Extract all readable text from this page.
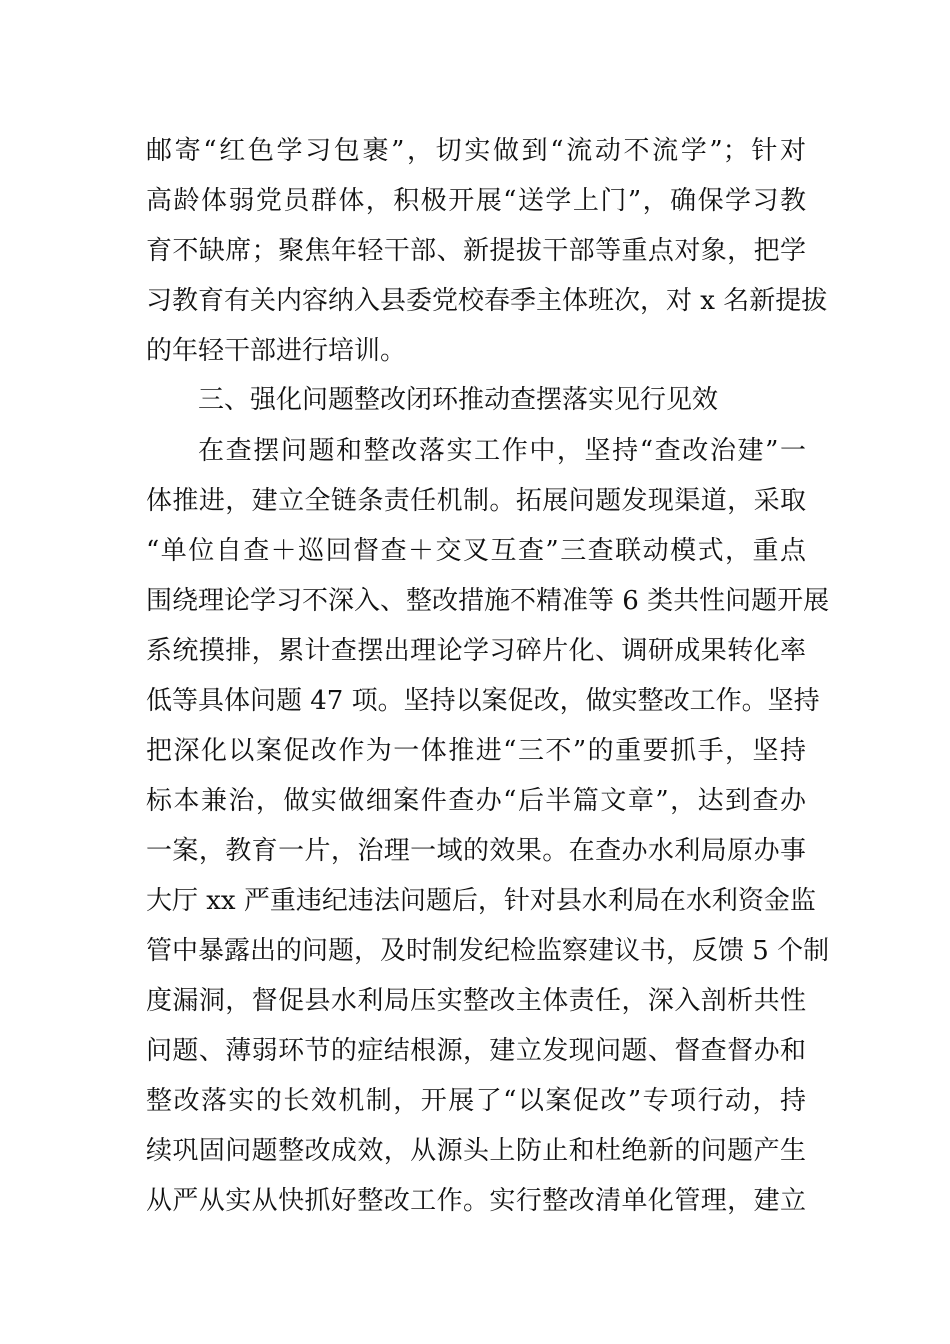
邮寄“红色学习包裹”，切实做到“流动不流学”；针对
高龄体弱党员群体，积极开展“送学上门”，确保学习教
育不缺席；聚焦年轻干部、新提拔干部等重点对象，把学
习教育有关内容纳入县委党校春季主体班次，对 x 名新提拔
的年轻干部进行培训。
三、强化问题整改闭环推动查摆落实见行见效
在查摆问题和整改落实工作中，坚持“查改治建”一
体推进，建立全链条责任机制。拓展问题发现渠道，采取
“单位自查＋巡回督查＋交叉互查”三查联动模式，重点
围绕理论学习不深入、整改措施不精准等 6 类共性问题开展
系统摸排，累计查摆出理论学习碎片化、调研成果转化率
低等具体问题 47 项。坚持以案促改，做实整改工作。坚持
把深化以案促改作为一体推进“三不”的重要抓手，坚持
标本兼治，做实做细案件查办“后半篇文章”，达到查办
一案，教育一片，治理一域的效果。在查办水利局原办事
大厅 xx 严重违纪违法问题后，针对县水利局在水利资金监
管中暴露出的问题，及时制发纪检监察建议书，反馈 5 个制
度漏洞，督促县水利局压实整改主体责任，深入剖析共性
问题、薄弱环节的症结根源，建立发现问题、督查督办和
整改落实的长效机制，开展了“以案促改”专项行动，持
续巩固问题整改成效，从源头上防止和杜绝新的问题产生
从严从实从快抓好整改工作。实行整改清单化管理，建立
